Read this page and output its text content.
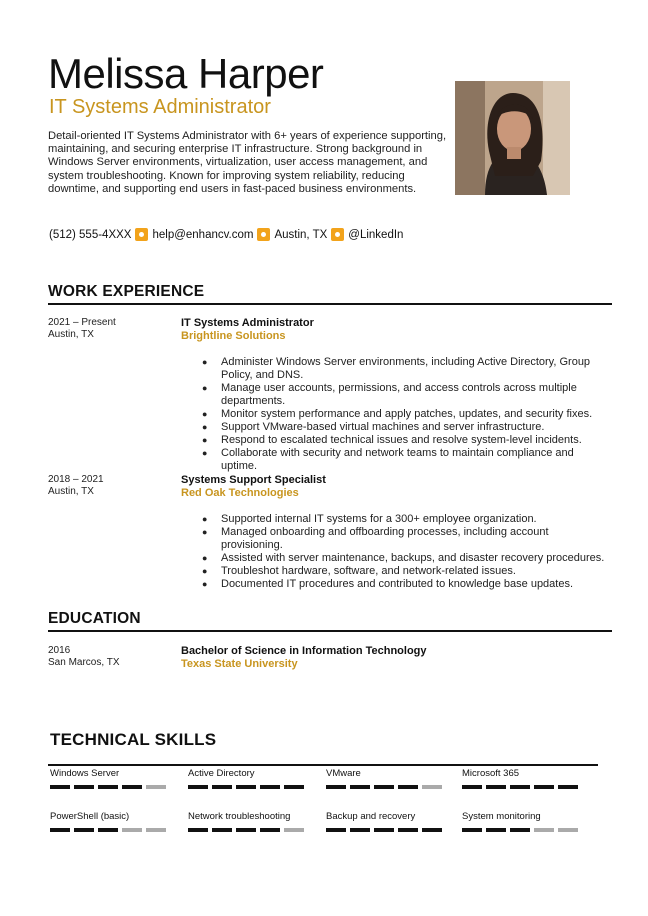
Melissa Harper
IT Systems Administrator
Detail-oriented IT Systems Administrator with 6+ years of experience supporting, maintaining, and securing enterprise IT infrastructure. Strong background in Windows Server environments, virtualization, user access management, and system troubleshooting. Known for improving system reliability, reducing downtime, and supporting end users in fast-paced business environments.
(512) 555-4XXX help@enhancv.com Austin, TX @LinkedIn
WORK EXPERIENCE
2021 – Present
Austin, TX
IT Systems Administrator
Brightline Solutions
● Administer Windows Server environments, including Active Directory, Group Policy, and DNS.
● Manage user accounts, permissions, and access controls across multiple departments.
● Monitor system performance and apply patches, updates, and security fixes.
● Support VMware-based virtual machines and server infrastructure.
● Respond to escalated technical issues and resolve system-level incidents.
● Collaborate with security and network teams to maintain compliance and uptime.
2018 – 2021
Austin, TX
Systems Support Specialist
Red Oak Technologies
● Supported internal IT systems for a 300+ employee organization.
● Managed onboarding and offboarding processes, including account provisioning.
● Assisted with server maintenance, backups, and disaster recovery procedures.
● Troubleshot hardware, software, and network-related issues.
● Documented IT procedures and contributed to knowledge base updates.
EDUCATION
2016
San Marcos, TX
Bachelor of Science in Information Technology
Texas State University
TECHNICAL SKILLS
Windows Server	Active Directory	VMware	Microsoft 365
PowerShell (basic)	Network troubleshooting	Backup and recovery	System monitoring
